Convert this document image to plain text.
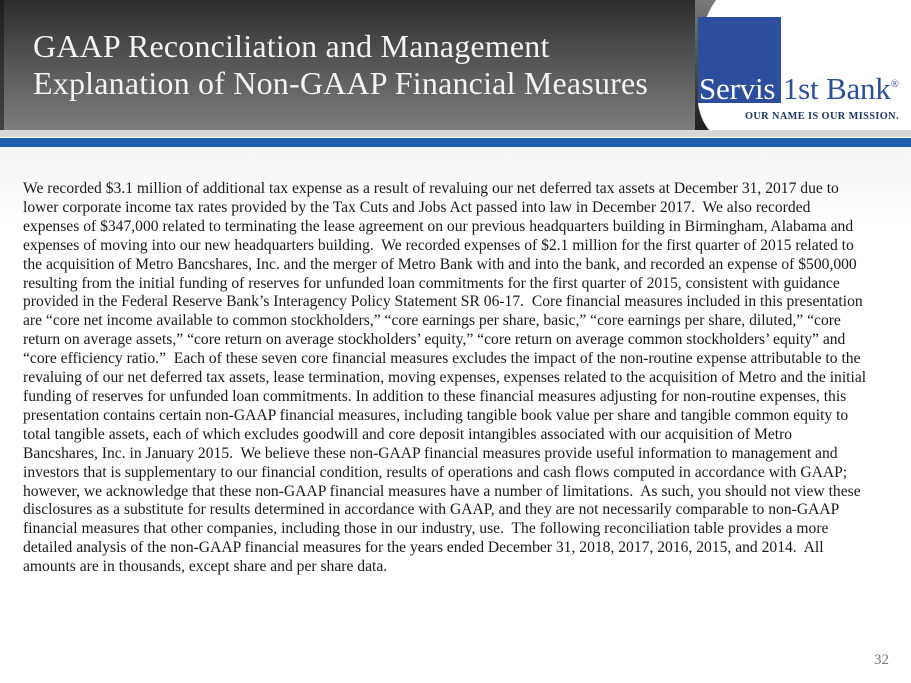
GAAP Reconciliation and Management
Explanation of Non-GAAP Financial Measures Servis 1st Bank®
OUR NAME IS OUR MISSION.
We recorded $3.1 million of additional tax expense as a result of revaluing our net deferred tax assets at December 31, 2017 due to
lower corporate income tax rates provided by the Tax Cuts and Jobs Act passed into law in December 2017.  We also recorded
expenses of $347,000 related to terminating the lease agreement on our previous headquarters building in Birmingham, Alabama and
expenses of moving into our new headquarters building.  We recorded expenses of $2.1 million for the first quarter of 2015 related to
the acquisition of Metro Bancshares, Inc. and the merger of Metro Bank with and into the bank, and recorded an expense of $500,000
resulting from the initial funding of reserves for unfunded loan commitments for the first quarter of 2015, consistent with guidance
provided in the Federal Reserve Bank’s Interagency Policy Statement SR 06-17.  Core financial measures included in this presentation
are “core net income available to common stockholders,” “core earnings per share, basic,” “core earnings per share, diluted,” “core
return on average assets,” “core return on average stockholders’ equity,” “core return on average common stockholders’ equity” and
“core efficiency ratio.”  Each of these seven core financial measures excludes the impact of the non-routine expense attributable to the
revaluing of our net deferred tax assets, lease termination, moving expenses, expenses related to the acquisition of Metro and the initial
funding of reserves for unfunded loan commitments. In addition to these financial measures adjusting for non-routine expenses, this
presentation contains certain non-GAAP financial measures, including tangible book value per share and tangible common equity to
total tangible assets, each of which excludes goodwill and core deposit intangibles associated with our acquisition of Metro
Bancshares, Inc. in January 2015.  We believe these non-GAAP financial measures provide useful information to management and
investors that is supplementary to our financial condition, results of operations and cash flows computed in accordance with GAAP;
however, we acknowledge that these non-GAAP financial measures have a number of limitations.  As such, you should not view these
disclosures as a substitute for results determined in accordance with GAAP, and they are not necessarily comparable to non-GAAP
financial measures that other companies, including those in our industry, use.  The following reconciliation table provides a more
detailed analysis of the non-GAAP financial measures for the years ended December 31, 2018, 2017, 2016, 2015, and 2014.  All
amounts are in thousands, except share and per share data.
32
